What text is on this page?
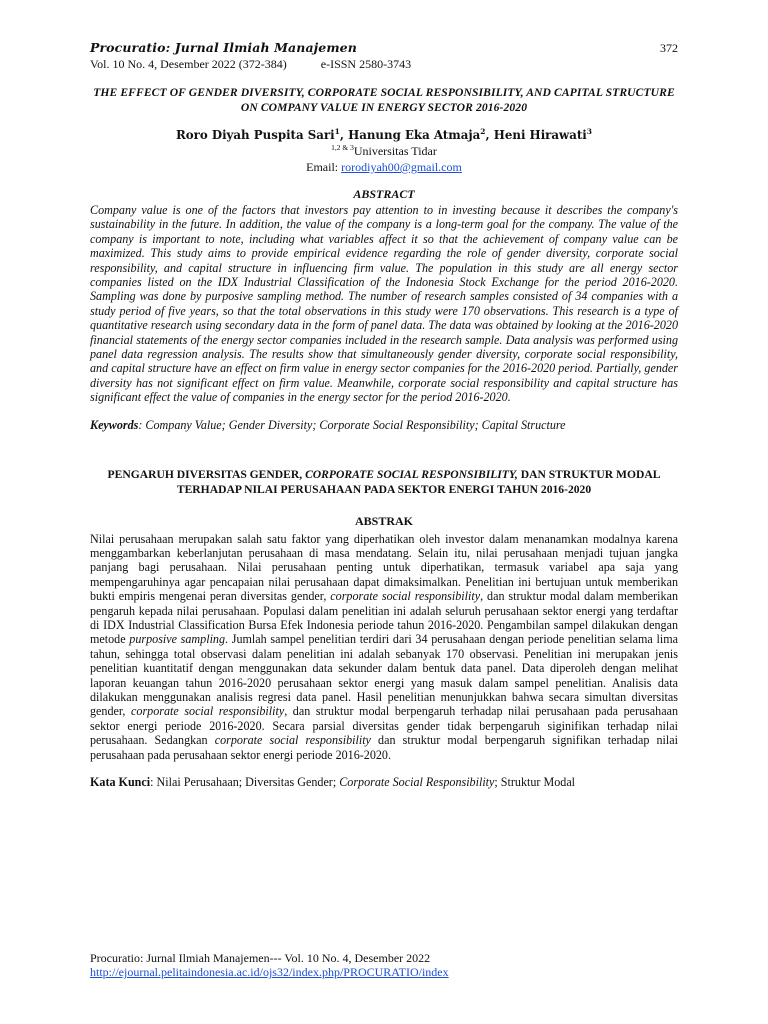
Procuratio: Jurnal Ilmiah Manajemen	372
Vol. 10 No. 4, Desember 2022 (372-384)	e-ISSN 2580-3743
THE EFFECT OF GENDER DIVERSITY, CORPORATE SOCIAL RESPONSIBILITY, AND CAPITAL STRUCTURE ON COMPANY VALUE IN ENERGY SECTOR 2016-2020
Roro Diyah Puspita Sari$^1$, Hanung Eka Atmaja$^2$, Heni Hirawati$^3$
$^{1,2 \& 3}$Universitas Tidar
Email: rorodiyah00@gmail.com
ABSTRACT
Company value is one of the factors that investors pay attention to in investing because it describes the company's sustainability in the future. In addition, the value of the company is a long-term goal for the company. The value of the company is important to note, including what variables affect it so that the achievement of company value can be maximized. This study aims to provide empirical evidence regarding the role of gender diversity, corporate social responsibility, and capital structure in influencing firm value. The population in this study are all energy sector companies listed on the IDX Industrial Classification of the Indonesia Stock Exchange for the period 2016-2020. Sampling was done by purposive sampling method. The number of research samples consisted of 34 companies with a study period of five years, so that the total observations in this study were 170 observations. This research is a type of quantitative research using secondary data in the form of panel data. The data was obtained by looking at the 2016-2020 financial statements of the energy sector companies included in the research sample. Data analysis was performed using panel data regression analysis. The results show that simultaneously gender diversity, corporate social responsibility, and capital structure have an effect on firm value in energy sector companies for the 2016-2020 period. Partially, gender diversity has not significant effect on firm value. Meanwhile, corporate social responsibility and capital structure has significant effect the value of companies in the energy sector for the period 2016-2020.
Keywords: Company Value; Gender Diversity; Corporate Social Responsibility; Capital Structure
PENGARUH DIVERSITAS GENDER, CORPORATE SOCIAL RESPONSIBILITY, DAN STRUKTUR MODAL TERHADAP NILAI PERUSAHAAN PADA SEKTOR ENERGI TAHUN 2016-2020
ABSTRAK
Nilai perusahaan merupakan salah satu faktor yang diperhatikan oleh investor dalam menanamkan modalnya karena menggambarkan keberlanjutan perusahaan di masa mendatang. Selain itu, nilai perusahaan menjadi tujuan jangka panjang bagi perusahaan. Nilai perusahaan penting untuk diperhatikan, termasuk variabel apa saja yang mempengaruhinya agar pencapaian nilai perusahaan dapat dimaksimalkan. Penelitian ini bertujuan untuk memberikan bukti empiris mengenai peran diversitas gender, corporate social responsibility, dan struktur modal dalam memberikan pengaruh kepada nilai perusahaan. Populasi dalam penelitian ini adalah seluruh perusahaan sektor energi yang terdaftar di IDX Industrial Classification Bursa Efek Indonesia periode tahun 2016-2020. Pengambilan sampel dilakukan dengan metode purposive sampling. Jumlah sampel penelitian terdiri dari 34 perusahaan dengan periode penelitian selama lima tahun, sehingga total observasi dalam penelitian ini adalah sebanyak 170 observasi. Penelitian ini merupakan jenis penelitian kuantitatif dengan menggunakan data sekunder dalam bentuk data panel. Data diperoleh dengan melihat laporan keuangan tahun 2016-2020 perusahaan sektor energi yang masuk dalam sampel penelitian. Analisis data dilakukan menggunakan analisis regresi data panel. Hasil penelitian menunjukkan bahwa secara simultan diversitas gender, corporate social responsibility, dan struktur modal berpengaruh terhadap nilai perusahaan pada perusahaan sektor energi periode 2016-2020. Secara parsial diversitas gender tidak berpengaruh siginifikan terhadap nilai perusahaan. Sedangkan corporate social responsibility dan struktur modal berpengaruh signifikan terhadap nilai perusahaan pada perusahaan sektor energi periode 2016-2020.
Kata Kunci: Nilai Perusahaan; Diversitas Gender; Corporate Social Responsibility; Struktur Modal
Procuratio: Jurnal Ilmiah Manajemen--- Vol. 10 No. 4, Desember 2022
http://ejournal.pelitaindonesia.ac.id/ojs32/index.php/PROCURATIO/index
